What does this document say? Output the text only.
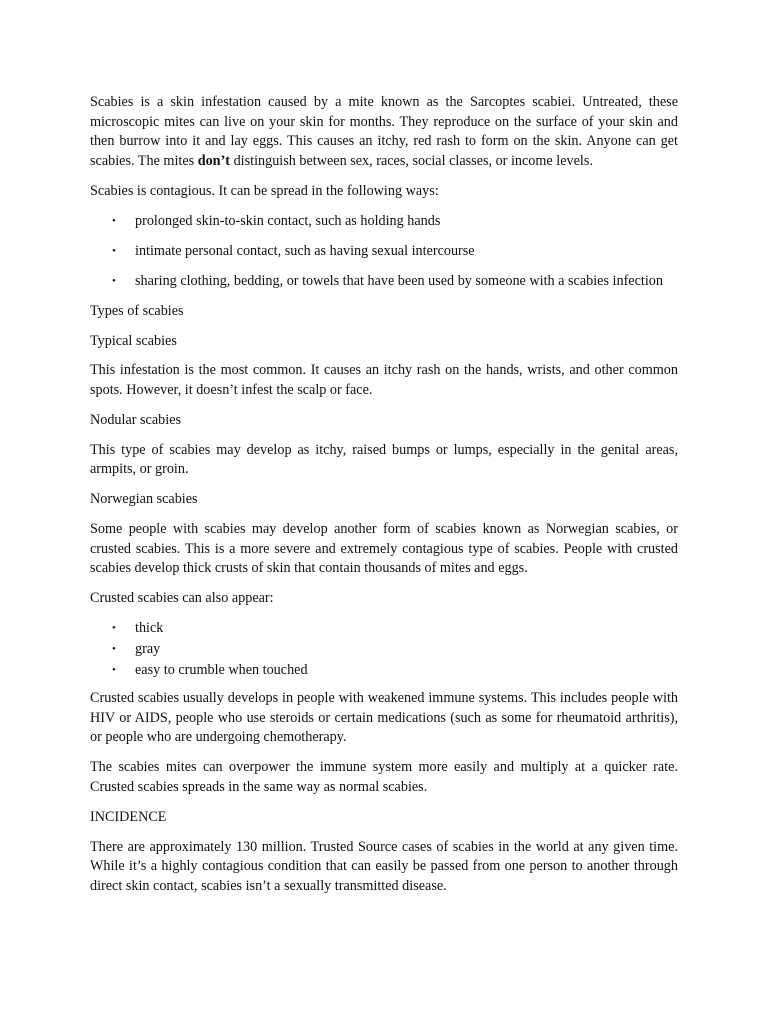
Scabies is a skin infestation caused by a mite known as the Sarcoptes scabiei. Untreated, these microscopic mites can live on your skin for months. They reproduce on the surface of your skin and then burrow into it and lay eggs. This causes an itchy, red rash to form on the skin. Anyone can get scabies. The mites don’t distinguish between sex, races, social classes, or income levels.

Scabies is contagious. It can be spread in the following ways:

• prolonged skin-to-skin contact, such as holding hands
• intimate personal contact, such as having sexual intercourse
• sharing clothing, bedding, or towels that have been used by someone with a scabies infection

Types of scabies

Typical scabies

This infestation is the most common. It causes an itchy rash on the hands, wrists, and other common spots. However, it doesn’t infest the scalp or face.

Nodular scabies

This type of scabies may develop as itchy, raised bumps or lumps, especially in the genital areas, armpits, or groin.

Norwegian scabies

Some people with scabies may develop another form of scabies known as Norwegian scabies, or crusted scabies. This is a more severe and extremely contagious type of scabies. People with crusted scabies develop thick crusts of skin that contain thousands of mites and eggs.

Crusted scabies can also appear:

• thick
• gray
• easy to crumble when touched

Crusted scabies usually develops in people with weakened immune systems. This includes people with HIV or AIDS, people who use steroids or certain medications (such as some for rheumatoid arthritis), or people who are undergoing chemotherapy.

The scabies mites can overpower the immune system more easily and multiply at a quicker rate. Crusted scabies spreads in the same way as normal scabies.

INCIDENCE

There are approximately 130 million. Trusted Source cases of scabies in the world at any given time. While it’s a highly contagious condition that can easily be passed from one person to another through direct skin contact, scabies isn’t a sexually transmitted disease.
